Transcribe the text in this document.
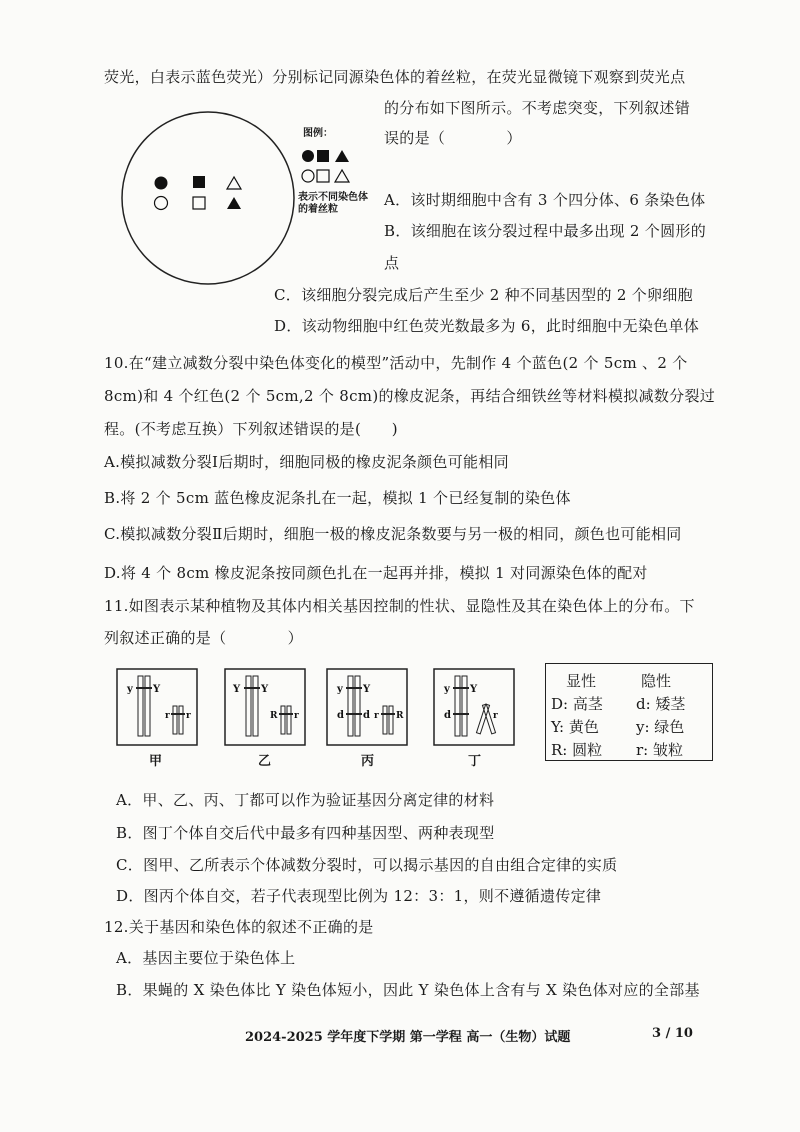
荧光，白表示蓝色荧光）分别标记同源染色体的着丝粒，在荧光显微镜下观察到荧光点
的分布如下图所示。不考虑突变，下列叙述错
误的是（　　　　）
图例：
表示不同染色体的着丝粒
A．该时期细胞中含有 3 个四分体、6 条染色体
B．该细胞在该分裂过程中最多出现 2 个圆形的
点
C．该细胞分裂完成后产生至少 2 种不同基因型的 2 个卵细胞
D．该动物细胞中红色荧光数最多为 6，此时细胞中无染色单体
10.在“建立减数分裂中染色体变化的模型”活动中，先制作 4 个蓝色(2 个 5cm 、2 个
8cm)和 4 个红色(2 个 5cm,2 个 8cm)的橡皮泥条，再结合细铁丝等材料模拟减数分裂过
程。(不考虑互换）下列叙述错误的是(　　)
A.模拟减数分裂Ⅰ后期时，细胞同极的橡皮泥条颜色可能相同
B.将 2 个 5cm 蓝色橡皮泥条扎在一起，模拟 1 个已经复制的染色体
C.模拟减数分裂Ⅱ后期时，细胞一极的橡皮泥条数要与另一极的相同，颜色也可能相同
D.将 4 个 8cm 橡皮泥条按同颜色扎在一起再并排，模拟 1 对同源染色体的配对
11.如图表示某种植物及其体内相关基因控制的性状、显隐性及其在染色体上的分布。下
列叙述正确的是（　　　　）
y Y
r r
甲
Y Y
R r
乙
y Y
d d r R
丙
y Y
d	r
丁
显性	隐性
D: 高茎 d: 矮茎
Y: 黄色 y: 绿色
R: 圆粒 r: 皱粒
A．甲、乙、丙、丁都可以作为验证基因分离定律的材料
B．图丁个体自交后代中最多有四种基因型、两种表现型
C．图甲、乙所表示个体减数分裂时，可以揭示基因的自由组合定律的实质
D．图丙个体自交，若子代表现型比例为 12：3：1，则不遵循遗传定律
12.关于基因和染色体的叙述不正确的是
A．基因主要位于染色体上
B．果蝇的 X 染色体比 Y 染色体短小，因此 Y 染色体上含有与 X 染色体对应的全部基
2024-2025 学年度下学期 第一学程 高一（生物）试题	3 / 10
